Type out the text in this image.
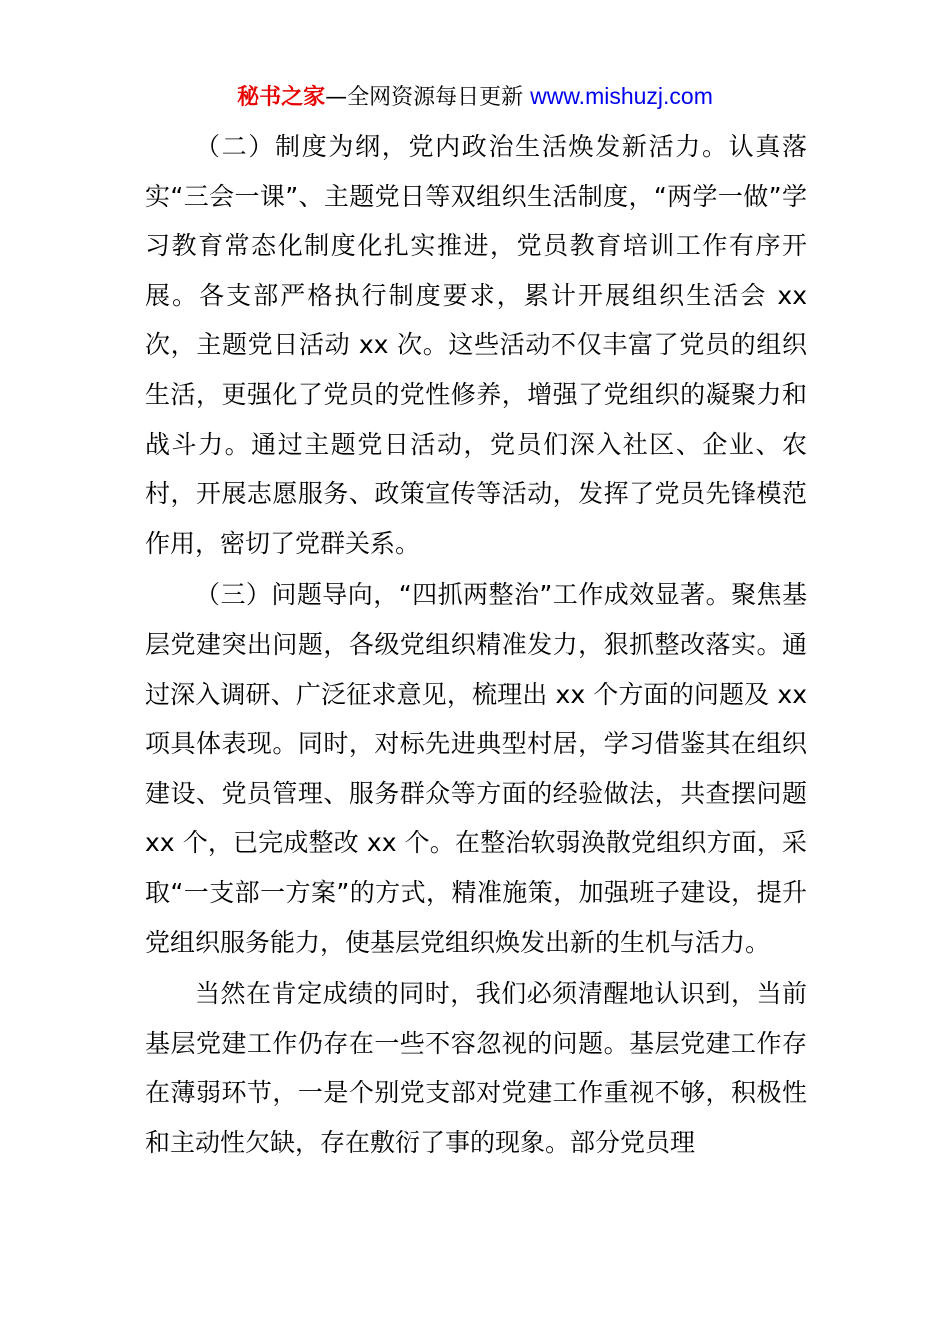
秘书之家—全网资源每日更新 www.mishuzj.com

（二）制度为纲，党内政治生活焕发新活力。认真落实“三会一课”、主题党日等双组织生活制度，“两学一做”学习教育常态化制度化扎实推进，党员教育培训工作有序开展。各支部严格执行制度要求，累计开展组织生活会 xx 次，主题党日活动 xx 次。这些活动不仅丰富了党员的组织生活，更强化了党员的党性修养，增强了党组织的凝聚力和战斗力。通过主题党日活动，党员们深入社区、企业、农村，开展志愿服务、政策宣传等活动，发挥了党员先锋模范作用，密切了党群关系。

（三）问题导向，“四抓两整治”工作成效显著。聚焦基层党建突出问题，各级党组织精准发力，狠抓整改落实。通过深入调研、广泛征求意见，梳理出 xx 个方面的问题及 xx 项具体表现。同时，对标先进典型村居，学习借鉴其在组织建设、党员管理、服务群众等方面的经验做法，共查摆问题 xx 个，已完成整改 xx 个。在整治软弱涣散党组织方面，采取“一支部一方案”的方式，精准施策，加强班子建设，提升党组织服务能力，使基层党组织焕发出新的生机与活力。

当然在肯定成绩的同时，我们必须清醒地认识到，当前基层党建工作仍存在一些不容忽视的问题。基层党建工作存在薄弱环节，一是个别党支部对党建工作重视不够，积极性和主动性欠缺，存在敷衍了事的现象。部分党员理
